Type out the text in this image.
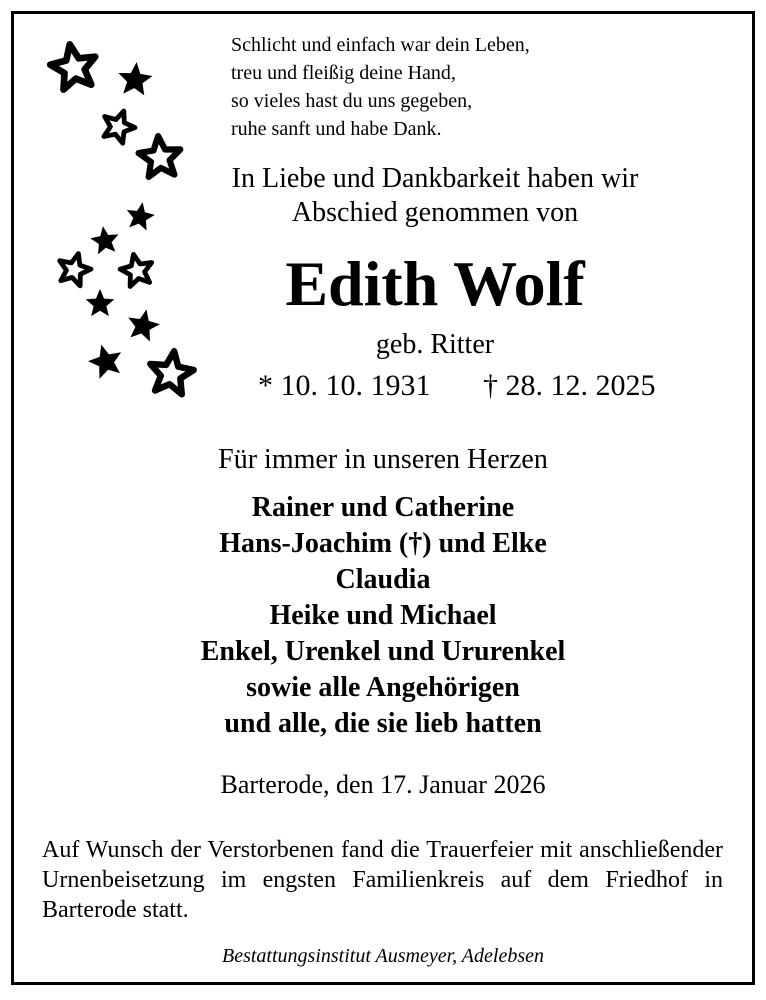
Schlicht und einfach war dein Leben,
treu und fleißig deine Hand,
so vieles hast du uns gegeben,
ruhe sanft und habe Dank.
In Liebe und Dankbarkeit haben wir
Abschied genommen von
Edith Wolf
geb. Ritter
* 10. 10. 1931 † 28. 12. 2025
Für immer in unseren Herzen
Rainer und Catherine
Hans-Joachim (†) und Elke
Claudia
Heike und Michael
Enkel, Urenkel und Ururenkel
sowie alle Angehörigen
und alle, die sie lieb hatten
Barterode, den 17. Januar 2026
Auf Wunsch der Verstorbenen fand die Trauerfeier mit anschließender Urnenbeisetzung im engsten Familienkreis auf dem Friedhof in Barterode statt.
Bestattungsinstitut Ausmeyer, Adelebsen
